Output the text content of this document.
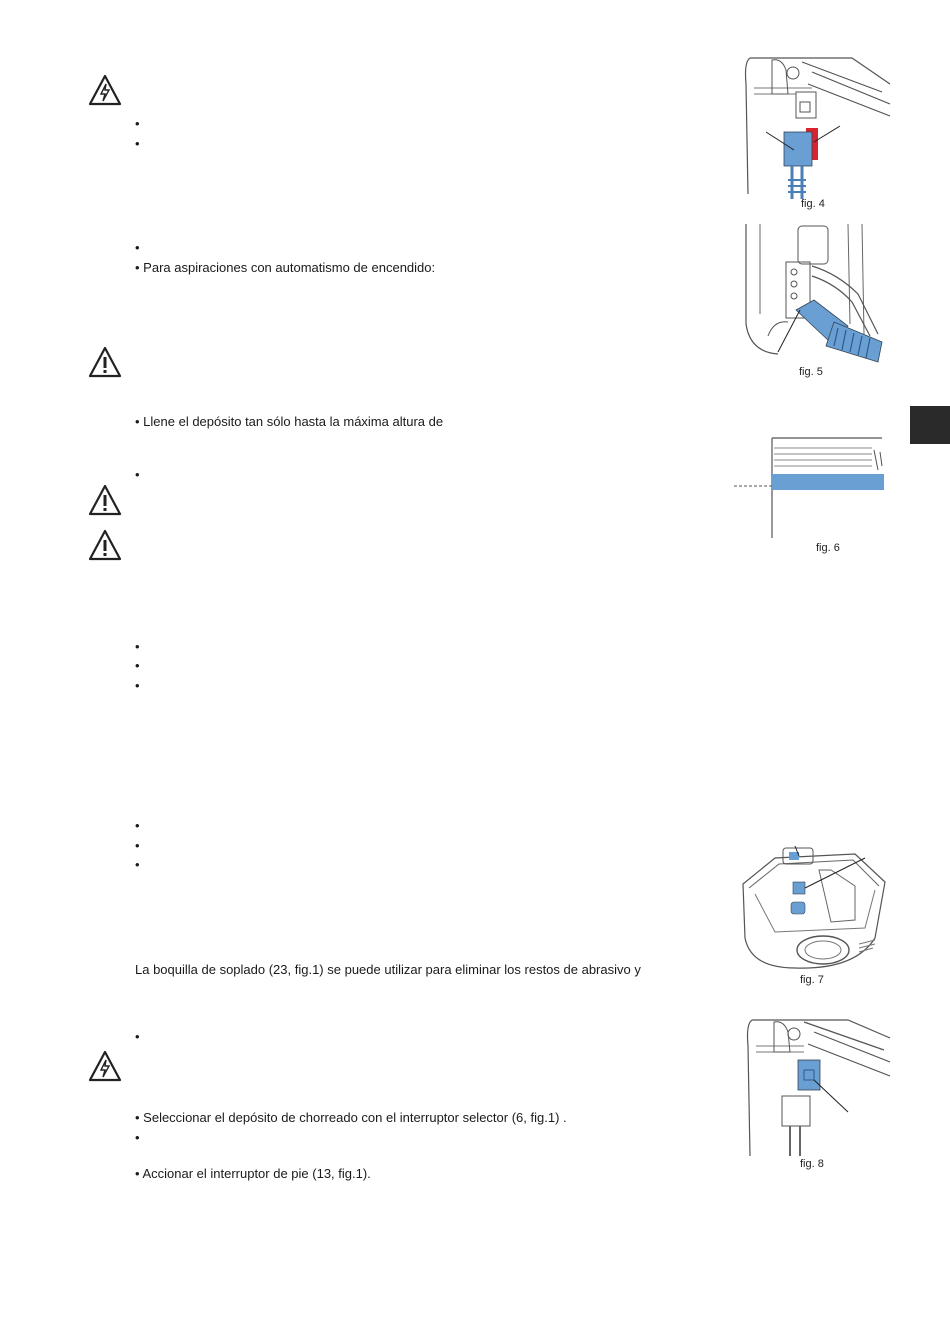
•
•
•
•
•
•
•
•
•
•
•
•
• Para aspiraciones con automatismo de encendido:
• Llene el depósito tan sólo hasta la máxima altura de
La boquilla de soplado (23, fig.1) se puede utilizar para eliminar los restos de abrasivo y
• Seleccionar el depósito de chorreado con el interruptor selector (6, fig.1) .
• Accionar el interruptor de pie (13, fig.1).
fig. 4
fig. 5
fig. 6
fig. 7
fig. 8
